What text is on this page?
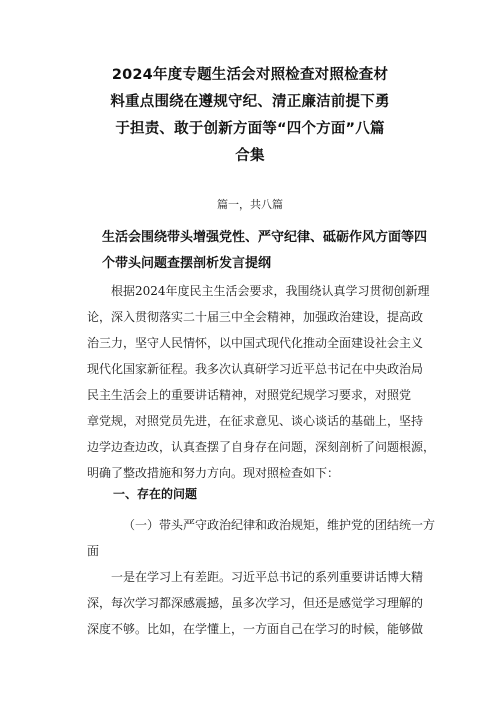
2024年度专题生活会对照检查对照检查材
料重点围绕在遵规守纪、清正廉洁前提下勇
于担责、敢于创新方面等“四个方面”八篇
合集
篇一，共八篇
生活会围绕带头增强党性、严守纪律、砥砺作风方面等四
个带头问题查摆剖析发言提纲
根据2024年度民主生活会要求，我围绕认真学习贯彻创新理
论，深入贯彻落实二十届三中全会精神，加强政治建设，提高政
治三力，坚守人民情怀，以中国式现代化推动全面建设社会主义
现代化国家新征程。我多次认真研学习近平总书记在中央政治局
民主生活会上的重要讲话精神，对照党纪规学习要求，对照党
章党规，对照党员先进，在征求意见、谈心谈话的基础上，坚持
边学边查边改，认真查摆了自身存在问题，深刻剖析了问题根源，
明确了整改措施和努力方向。现对照检查如下：
一、存在的问题
（一）带头严守政治纪律和政治规矩，维护党的团结统一方
面
一是在学习上有差距。习近平总书记的系列重要讲话博大精
深，每次学习都深感震撼，虽多次学习，但还是感觉学习理解的
深度不够。比如，在学懂上，一方面自己在学习的时候，能够做
